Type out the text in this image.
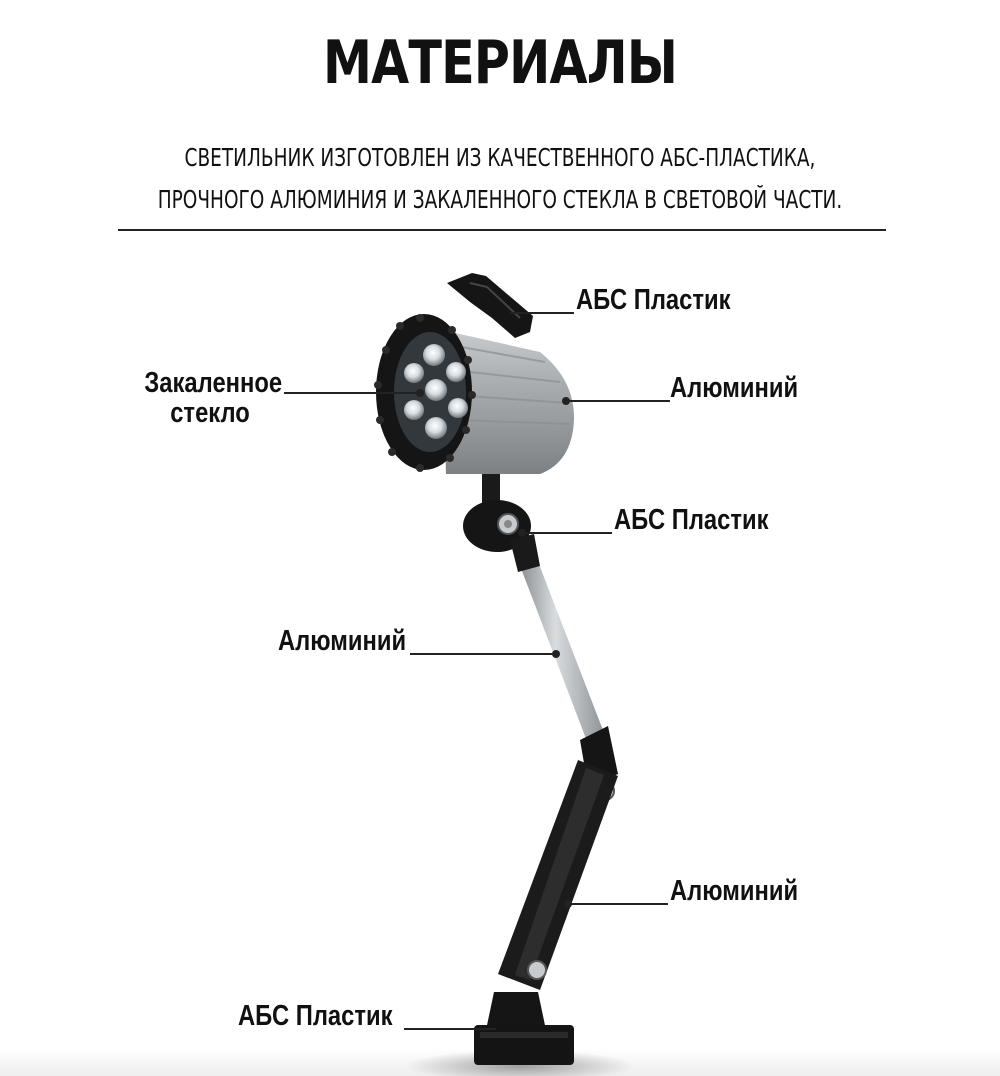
МАТЕРИАЛЫ
СВЕТИЛЬНИК ИЗГОТОВЛЕН ИЗ КАЧЕСТВЕННОГО АБС-ПЛАСТИКА,
ПРОЧНОГО АЛЮМИНИЯ И ЗАКАЛЕННОГО СТЕКЛА В СВЕТОВОЙ ЧАСТИ.
АБС Пластик
Закаленное
стекло
Алюминий
АБС Пластик
Алюминий
Алюминий
АБС Пластик
